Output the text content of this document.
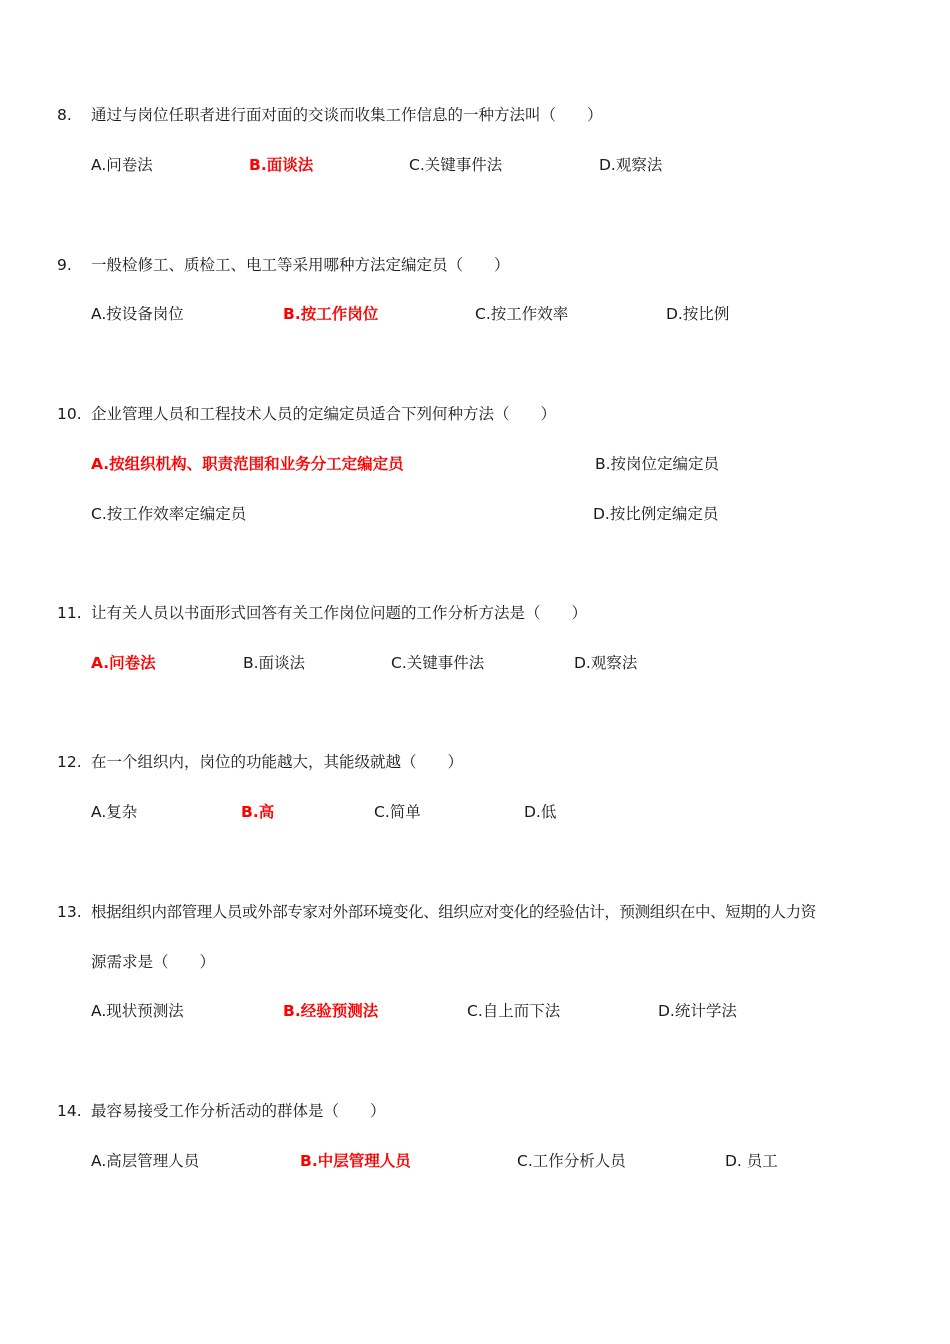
8. 通过与岗位任职者进行面对面的交谈而收集工作信息的一种方法叫（　　）
A.问卷法	B.面谈法	C.关键事件法	D.观察法
9. 一般检修工、质检工、电工等采用哪种方法定编定员（　　）
A.按设备岗位	B.按工作岗位	C.按工作效率	D.按比例
10. 企业管理人员和工程技术人员的定编定员适合下列何种方法（　　）
A.按组织机构、职责范围和业务分工定编定员	B.按岗位定编定员
C.按工作效率定编定员	D.按比例定编定员
11. 让有关人员以书面形式回答有关工作岗位问题的工作分析方法是（　　）
A.问卷法	B.面谈法	C.关键事件法	D.观察法
12. 在一个组织内，岗位的功能越大，其能级就越（　　）
A.复杂	B.高	C.简单	D.低
13. 根据组织内部管理人员或外部专家对外部环境变化、组织应对变化的经验估计，预测组织在中、短期的人力资
源需求是（　　）
A.现状预测法	B.经验预测法	C.自上而下法	D.统计学法
14. 最容易接受工作分析活动的群体是（　　）
A.高层管理人员	B.中层管理人员	C.工作分析人员	D. 员工
